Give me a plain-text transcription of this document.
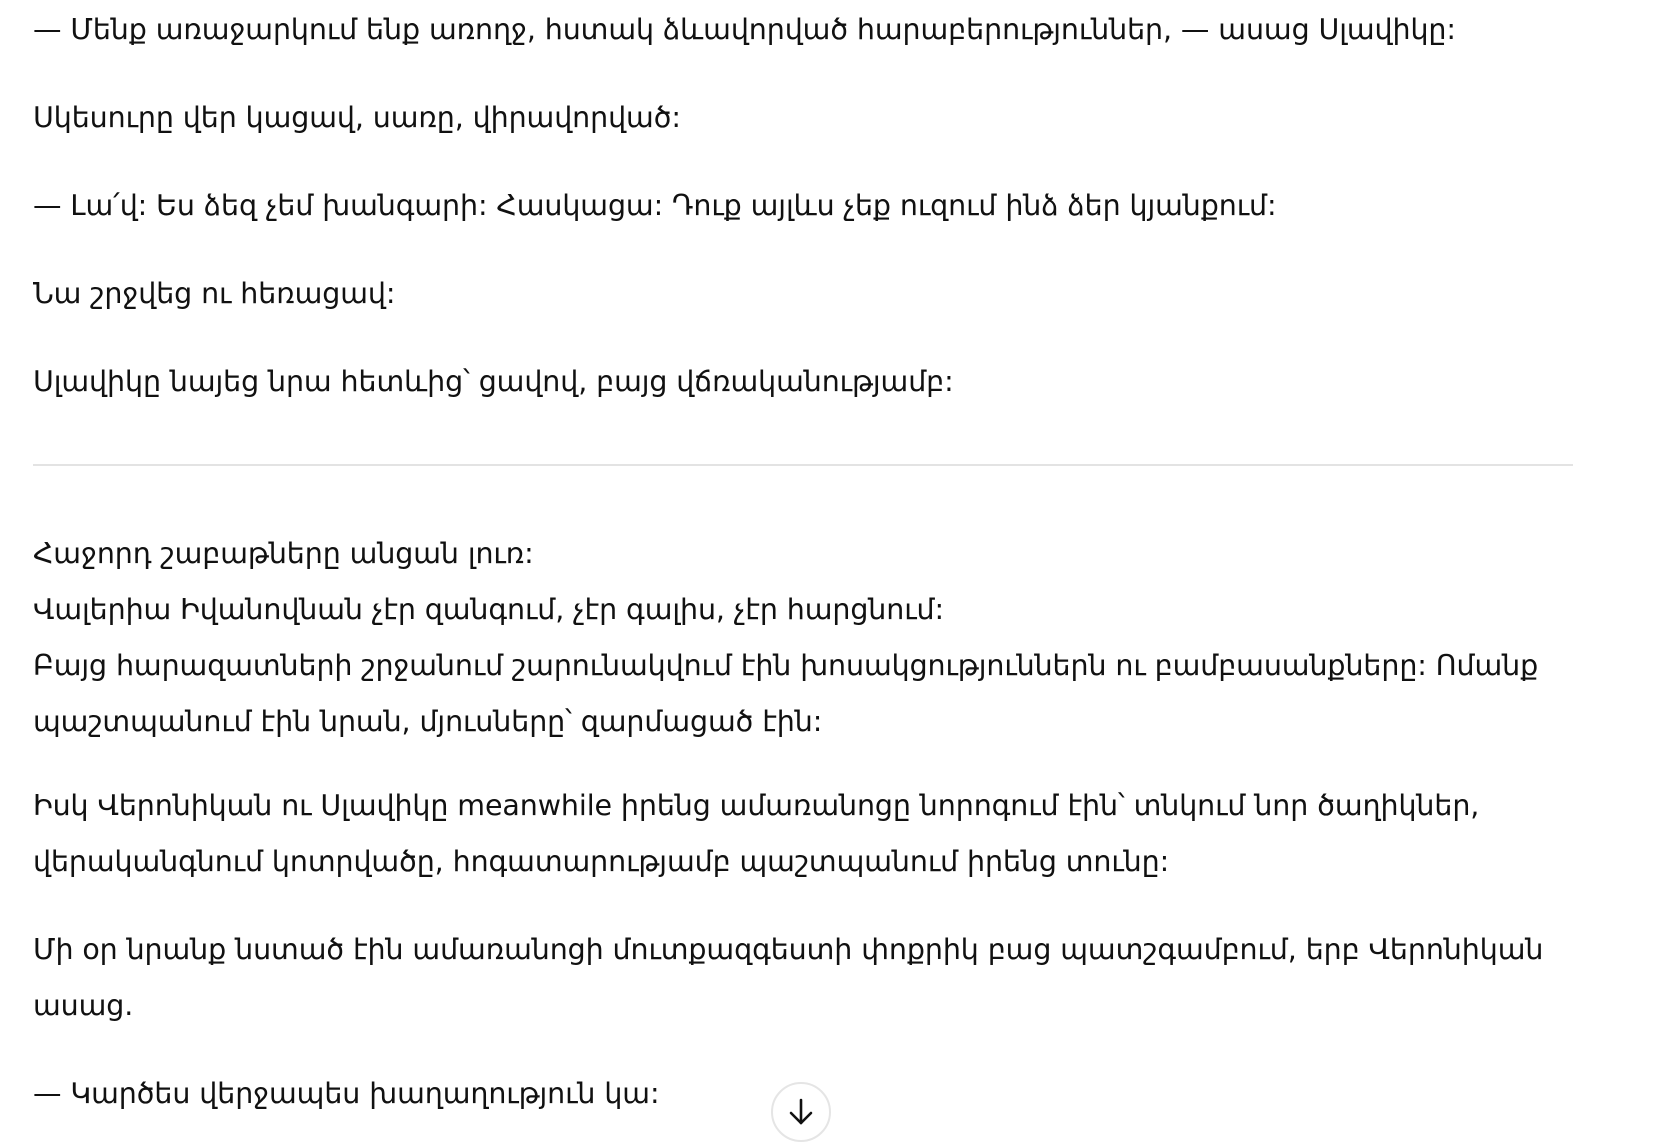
— Մենք առաջարկում ենք առողջ, հստակ ձևավորված հարաբերություններ, — ասաց Սլավիկը:

Սկեսուրը վեր կացավ, սառը, վիրավորված:

— Լա՛վ: Ես ձեզ չեմ խանգարի: Հասկացա: Դուք այլևս չեք ուզում ինձ ձեր կյանքում:

Նա շրջվեց ու հեռացավ:

Սլավիկը նայեց նրա հետևից՝ ցավով, բայց վճռականությամբ:

Հաջորդ շաբաթները անցան լուռ:
Վալերիա Իվանովնան չէր զանգում, չէր գալիս, չէր հարցնում:
Բայց հարազատների շրջանում շարունակվում էին խոսակցություններն ու բամբասանքները: Ոմանք
պաշտպանում էին նրան, մյուսները՝ զարմացած էին:

Իսկ Վերոնիկան ու Սլավիկը meanwhile իրենց ամառանոցը նորոգում էին՝ տնկում նոր ծաղիկներ,
վերականգնում կոտրվածը, հոգատարությամբ պաշտպանում իրենց տունը:

Մի օր նրանք նստած էին ամառանոցի մուտքազգեստի փոքրիկ բաց պատշգամբում, երբ Վերոնիկան
ասաց.

— Կարծես վերջապես խաղաղություն կա:
